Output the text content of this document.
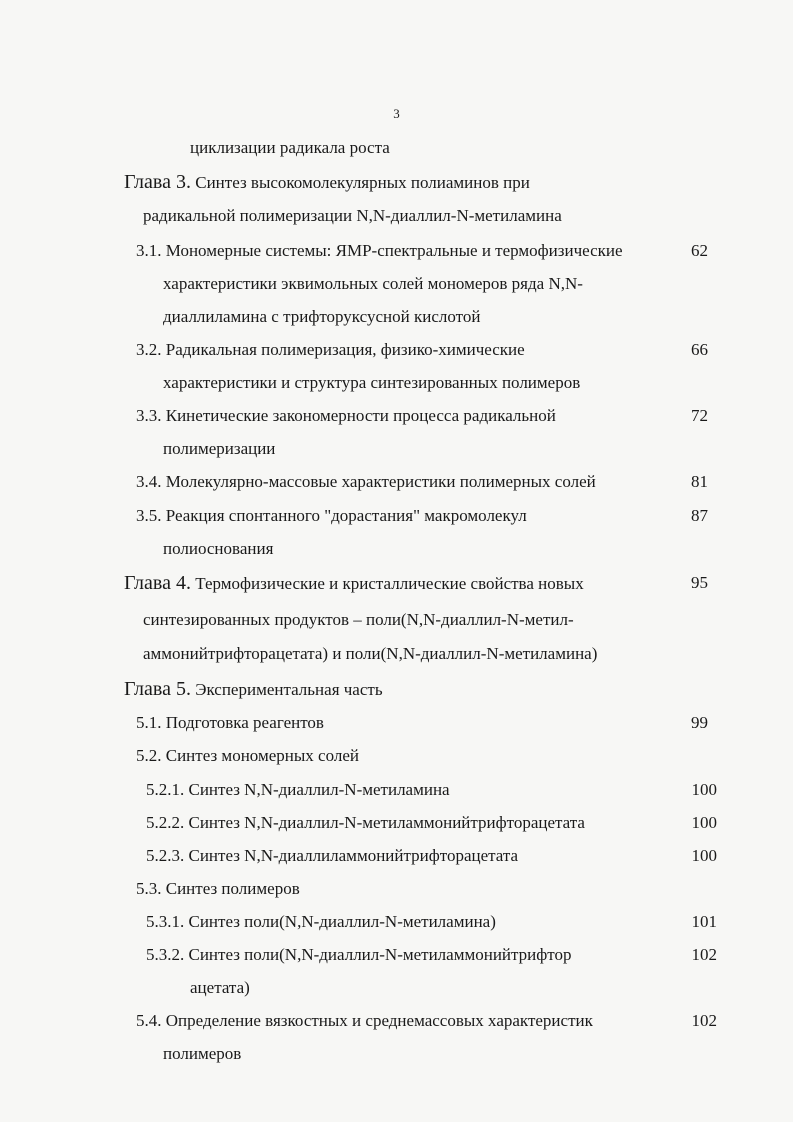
3
циклизации радикала роста
Глава 3. Синтез высокомолекулярных полиаминов при
радикальной полимеризации N,N-диаллил-N-метиламина
3.1. Мономерные системы: ЯМР-спектральные и термофизические	62
характеристики эквимольных солей мономеров ряда N,N-
диаллиламина с трифторуксусной кислотой
3.2. Радикальная полимеризация, физико-химические	66
характеристики и структура синтезированных полимеров
3.3. Кинетические закономерности процесса радикальной	72
полимеризации
3.4. Молекулярно-массовые характеристики полимерных солей	81
3.5. Реакция спонтанного "дорастания" макромолекул	87
полиоснования
Глава 4. Термофизические и кристаллические свойства новых	95
синтезированных продуктов – поли(N,N-диаллил-N-метил-
аммонийтрифторацетата) и поли(N,N-диаллил-N-метиламина)
Глава 5. Экспериментальная часть
5.1. Подготовка реагентов	99
5.2. Синтез мономерных солей
5.2.1. Синтез N,N-диаллил-N-метиламина	100
5.2.2. Синтез N,N-диаллил-N-метиламмонийтрифторацетата	100
5.2.3. Синтез N,N-диаллиламмонийтрифторацетата	100
5.3. Синтез полимеров
5.3.1. Синтез поли(N,N-диаллил-N-метиламина)	101
5.3.2. Синтез поли(N,N-диаллил-N-метиламмонийтрифтор	102
ацетата)
5.4. Определение вязкостных и среднемассовых характеристик	102
полимеров
